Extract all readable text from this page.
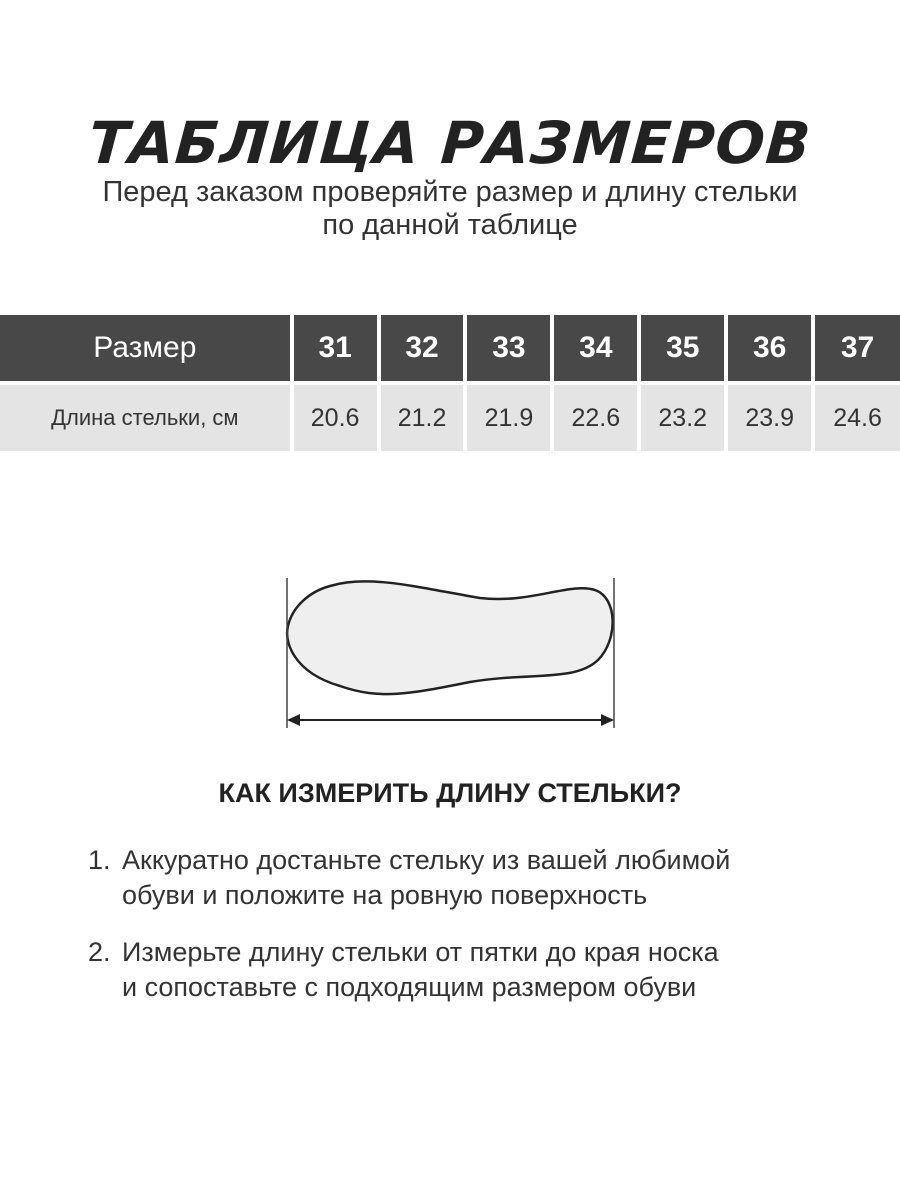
ТАБЛИЦА РАЗМЕРОВ
Перед заказом проверяйте размер и длину стельки
по данной таблице
Размер	31	32	33	34	35	36	37
Длина стельки, см	20.6	21.2	21.9	22.6	23.2	23.9	24.6
КАК ИЗМЕРИТЬ ДЛИНУ СТЕЛЬКИ?
1. Аккуратно достаньте стельку из вашей любимой
обуви и положите на ровную поверхность
2. Измерьте длину стельки от пятки до края носка
и сопоставьте с подходящим размером обуви
